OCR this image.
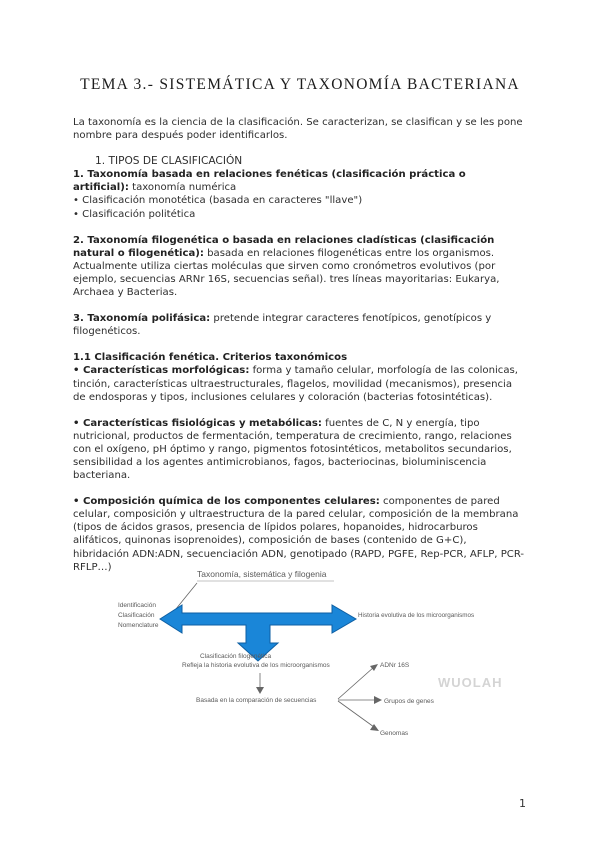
TEMA 3.- SISTEMÁTICA Y TAXONOMÍA BACTERIANA

La taxonomía es la ciencia de la clasificación. Se caracterizan, se clasifican y se les pone nombre para después poder identificarlos.

1. TIPOS DE CLASIFICACIÓN

1. Taxonomía basada en relaciones fenéticas (clasificación práctica o artificial): taxonomía numérica

• Clasificación monotética (basada en caracteres "llave")

• Clasificación politética

2. Taxonomía filogenética o basada en relaciones cladísticas (clasificación natural o filogenética): basada en relaciones filogenéticas entre los organismos. Actualmente utiliza ciertas moléculas que sirven como cronómetros evolutivos (por ejemplo, secuencias ARNr 16S, secuencias señal). tres líneas mayoritarias: Eukarya, Archaea y Bacterias.

3. Taxonomía polifásica: pretende integrar caracteres fenotípicos, genotípicos y filogenéticos.

1.1 Clasificación fenética. Criterios taxonómicos

• Características morfológicas: forma y tamaño celular, morfología de las colonicas, tinción, características ultraestructurales, flagelos, movilidad (mecanismos), presencia de endosporas y tipos, inclusiones celulares y coloración (bacterias fotosintéticas).

• Características fisiológicas y metabólicas: fuentes de C, N y energía, tipo nutricional, productos de fermentación, temperatura de crecimiento, rango, relaciones con el oxígeno, pH óptimo y rango, pigmentos fotosintéticos, metabolitos secundarios, sensibilidad a los agentes antimicrobianos, fagos, bacteriocinas, bioluminiscencia bacteriana.

• Composición química de los componentes celulares: componentes de pared celular, composición y ultraestructura de la pared celular, composición de la membrana (tipos de ácidos grasos, presencia de lípidos polares, hopanoides, hidrocarburos alifáticos, quinonas isoprenoides), composición de bases (contenido de G+C), hibridación ADN:ADN, secuenciación ADN, genotipado (RAPD, PGFE, Rep-PCR, AFLP, PCR-RFLP…)

Taxonomía, sistemática y filogenia
Identificación
Clasificación
Nomenclature
Historia evolutiva de los microorganismos
Clasificación filogenética
Refleja la historia evolutiva de los microorganismos
Basada en la comparación de secuencias
ADNr 16S
Grupos de genes
Genomas
WUOLAH
1
